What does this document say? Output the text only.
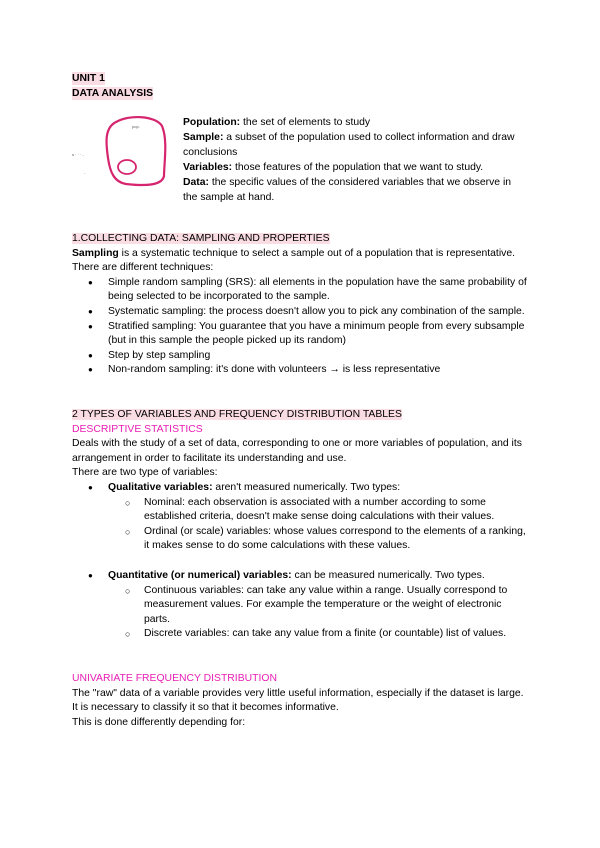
UNIT 1
DATA ANALYSIS
pop.
s · · · -
-

Population: the set of elements to study

Sample: a subset of the population used to collect information and draw conclusions

Variables: those features of the population that we want to study.

Data: the specific values of the considered variables that we observe in the sample at hand.

1.COLLECTING DATA: SAMPLING AND PROPERTIES

Sampling is a systematic technique to select a sample out of a population that is representative. There are different techniques:

● Simple random sampling (SRS): all elements in the population have the same probability of being selected to be incorporated to the sample.
● Systematic sampling: the process doesn't allow you to pick any combination of the sample.
● Stratified sampling: You guarantee that you have a minimum people from every subsample (but in this sample the people picked up its random)
● Step by step sampling
● Non-random sampling: it's done with volunteers → is less representative
2 TYPES OF VARIABLES AND FREQUENCY DISTRIBUTION TABLES

DESCRIPTIVE STATISTICS

Deals with the study of a set of data, corresponding to one or more variables of population, and its arrangement in order to facilitate its understanding and use.

There are two type of variables:

● Qualitative variables: aren't measured numerically. Two types:
○ Nominal: each observation is associated with a number according to some established criteria, doesn't make sense doing calculations with their values.
○ Ordinal (or scale) variables: whose values correspond to the elements of a ranking, it makes sense to do some calculations with these values.
● Quantitative (or numerical) variables: can be measured numerically. Two types.
○ Continuous variables: can take any value within a range. Usually correspond to measurement values. For example the temperature or the weight of electronic parts.
○ Discrete variables: can take any value from a finite (or countable) list of values.

UNIVARIATE FREQUENCY DISTRIBUTION

The "raw" data of a variable provides very little useful information, especially if the dataset is large. It is necessary to classify it so that it becomes informative.

This is done differently depending for:
